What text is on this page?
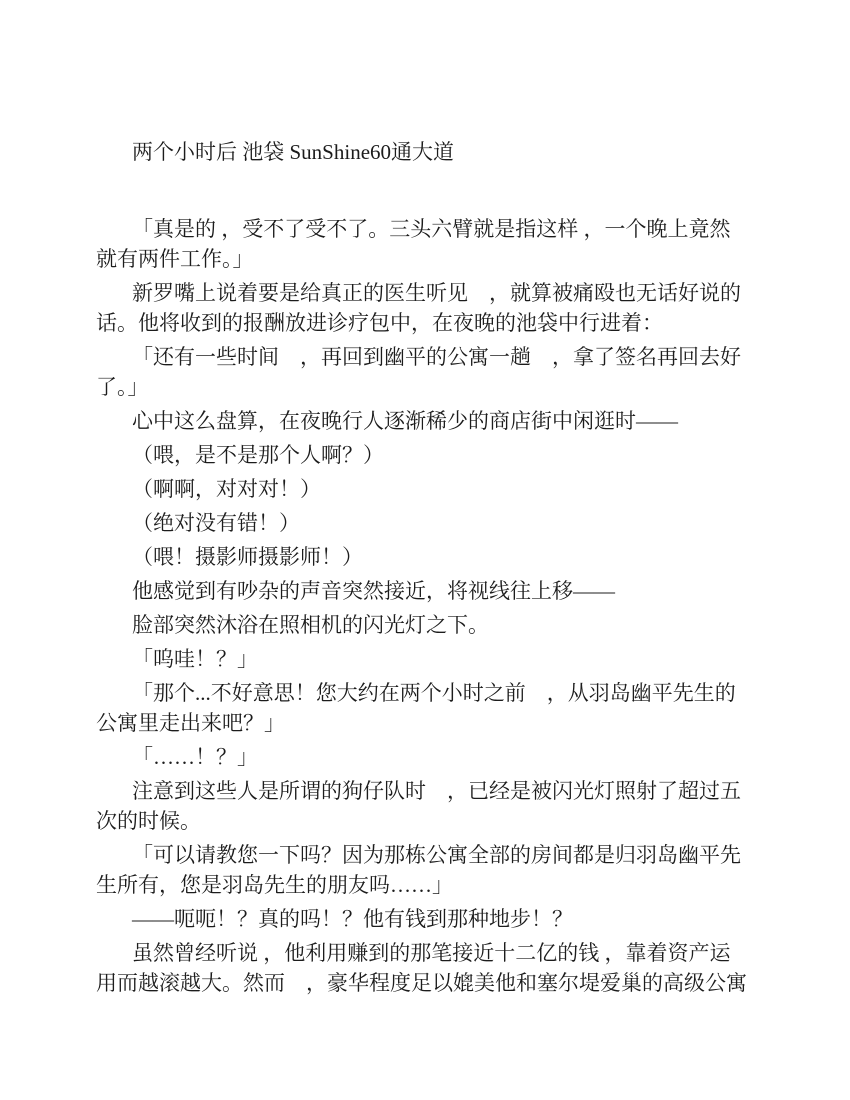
两个小时后 池袋 SunShine60通大道

「真是的 ，受不了受不了。三头六臂就是指这样 ，一个晚上竟然
就有两件工作。」

新罗嘴上说着要是给真正的医生听见　，就算被痛殴也无话好说的
话。他将收到的报酬放进诊疗包中，在夜晚的池袋中行进着：

「还有一些时间　，再回到幽平的公寓一趟　，拿了签名再回去好
了。」

心中这么盘算，在夜晚行人逐渐稀少的商店街中闲逛时——

（喂，是不是那个人啊？）

（啊啊，对对对！）

（绝对没有错！）

（喂！摄影师摄影师！）

他感觉到有吵杂的声音突然接近，将视线往上移——

脸部突然沐浴在照相机的闪光灯之下。

「呜哇！？」

「那个...不好意思！您大约在两个小时之前　，从羽岛幽平先生的
公寓里走出来吧？」

「……！？」

注意到这些人是所谓的狗仔队时　，已经是被闪光灯照射了超过五
次的时候。

「可以请教您一下吗？因为那栋公寓全部的房间都是归羽岛幽平先
生所有，您是羽岛先生的朋友吗……」

——呃呃！？真的吗！？他有钱到那种地步！？

虽然曾经听说 ，他利用赚到的那笔接近十二亿的钱 ，靠着资产运
用而越滚越大。然而　，豪华程度足以媲美他和塞尔堤爱巢的高级公寓
